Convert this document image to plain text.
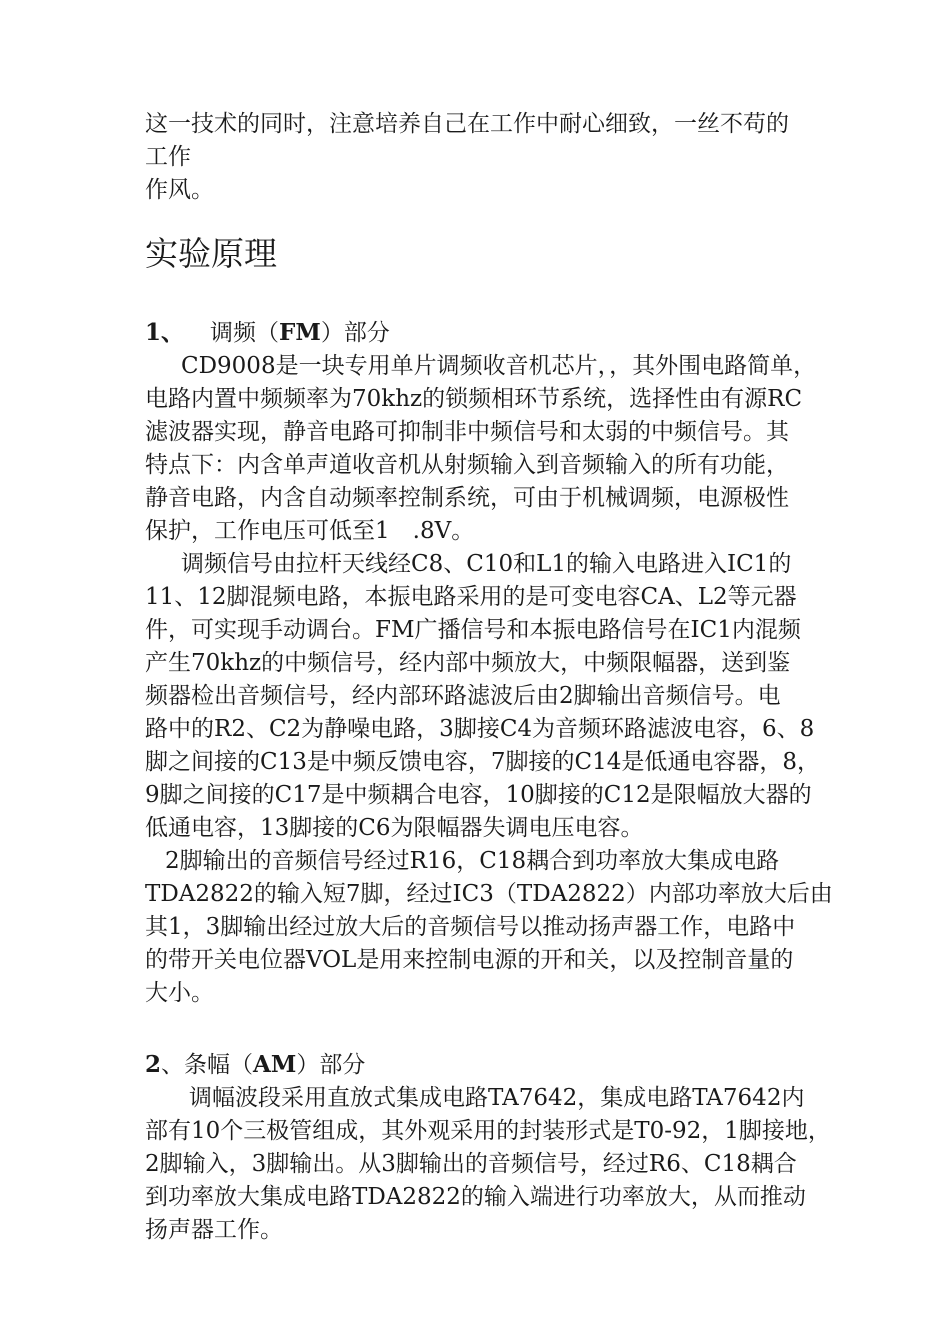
这一技术的同时，注意培养自己在工作中耐心细致，一丝不苟的
工作
作风。
实验原理
1、 调频（FM）部分
CD9008是一块专用单片调频收音机芯片，，其外围电路简单，
电路内置中频频率为70khz的锁频相环节系统，选择性由有源RC
滤波器实现，静音电路可抑制非中频信号和太弱的中频信号。其
特点下：内含单声道收音机从射频输入到音频输入的所有功能，
静音电路，内含自动频率控制系统，可由于机械调频，电源极性
保护，工作电压可低至1　.8V。
调频信号由拉杆天线经C8、C10和L1的输入电路进入IC1的
11、12脚混频电路，本振电路采用的是可变电容CA、L2等元器
件，可实现手动调台。FM广播信号和本振电路信号在IC1内混频
产生70khz的中频信号，经内部中频放大，中频限幅器，送到鉴
频器检出音频信号，经内部环路滤波后由2脚输出音频信号。电
路中的R2、C2为静噪电路，3脚接C4为音频环路滤波电容，6、8
脚之间接的C13是中频反馈电容，7脚接的C14是低通电容器，8，
9脚之间接的C17是中频耦合电容，10脚接的C12是限幅放大器的
低通电容，13脚接的C6为限幅器失调电压电容。
2脚输出的音频信号经过R16，C18耦合到功率放大集成电路
TDA2822的输入短7脚，经过IC3（TDA2822）内部功率放大后由
其1，3脚输出经过放大后的音频信号以推动扬声器工作，电路中
的带开关电位器VOL是用来控制电源的开和关，以及控制音量的
大小。
2、条幅（AM）部分
调幅波段采用直放式集成电路TA7642，集成电路TA7642内
部有10个三极管组成，其外观采用的封装形式是T0-92，1脚接地，
2脚输入，3脚输出。从3脚输出的音频信号，经过R6、C18耦合
到功率放大集成电路TDA2822的输入端进行功率放大，从而推动
扬声器工作。
